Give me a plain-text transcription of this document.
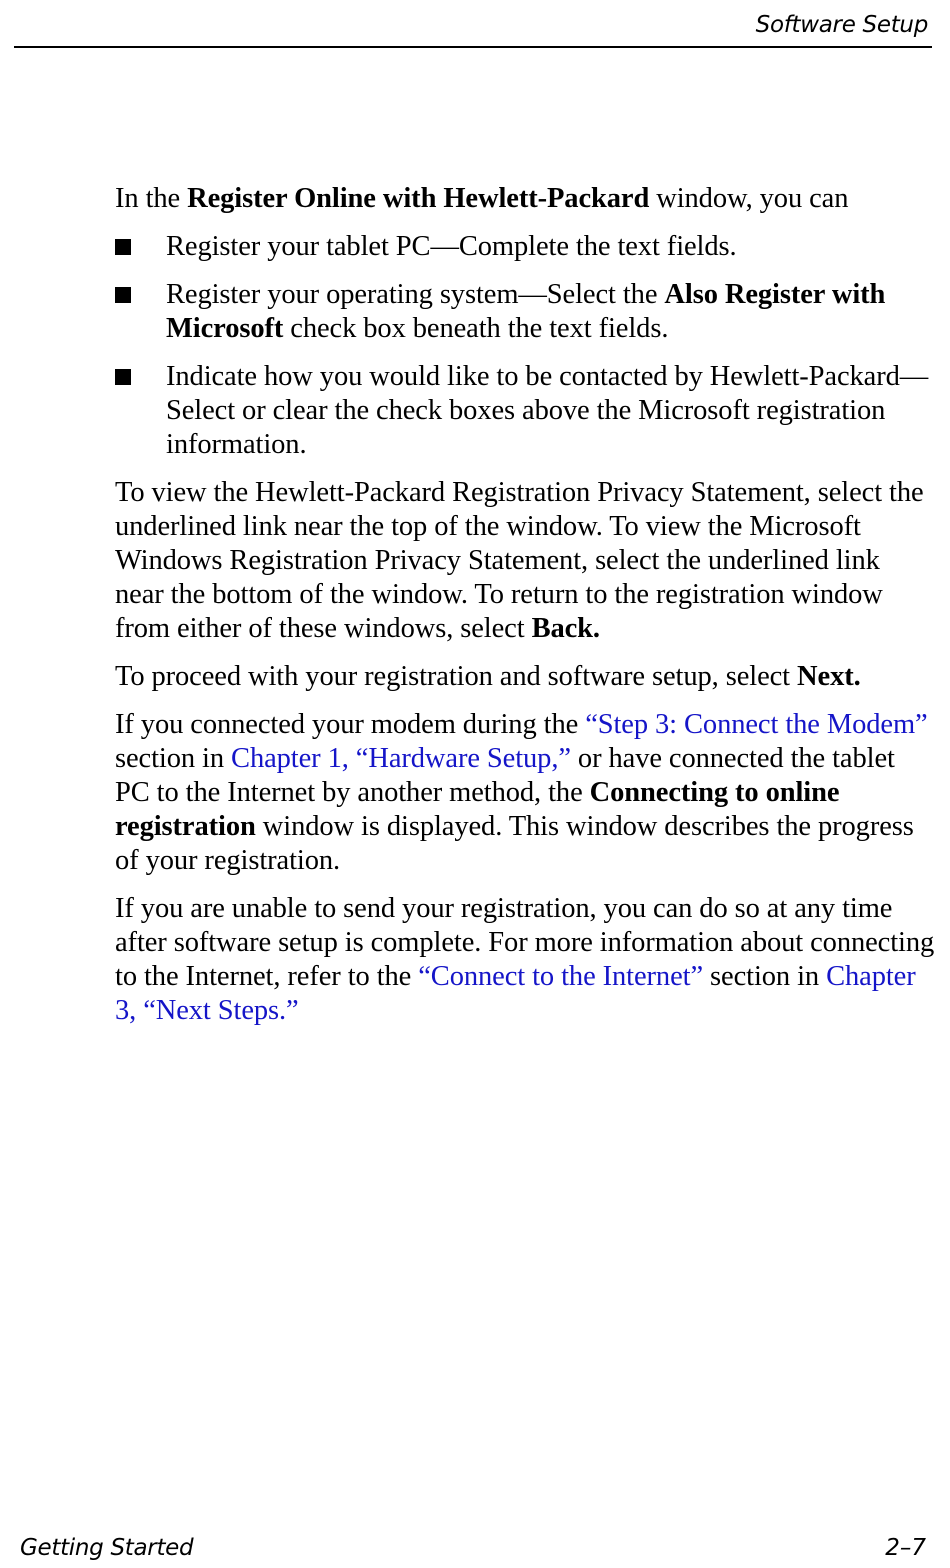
Software Setup

In the Register Online with Hewlett-Packard window, you can

Register your tablet PC—Complete the text fields.
Register your operating system—Select the Also Register with Microsoft check box beneath the text fields.
Indicate how you would like to be contacted by Hewlett-Packard—Select or clear the check boxes above the Microsoft registration information.

To view the Hewlett-Packard Registration Privacy Statement, select the underlined link near the top of the window. To view the Microsoft Windows Registration Privacy Statement, select the underlined link near the bottom of the window. To return to the registration window from either of these windows, select Back.

To proceed with your registration and software setup, select Next.

If you connected your modem during the “Step 3: Connect the Modem” section in Chapter 1, “Hardware Setup,” or have connected the tablet PC to the Internet by another method, the Connecting to online registration window is displayed. This window describes the progress of your registration.

If you are unable to send your registration, you can do so at any time after software setup is complete. For more information about connecting to the Internet, refer to the “Connect to the Internet” section in Chapter 3, “Next Steps.”

Getting Started	2–7
